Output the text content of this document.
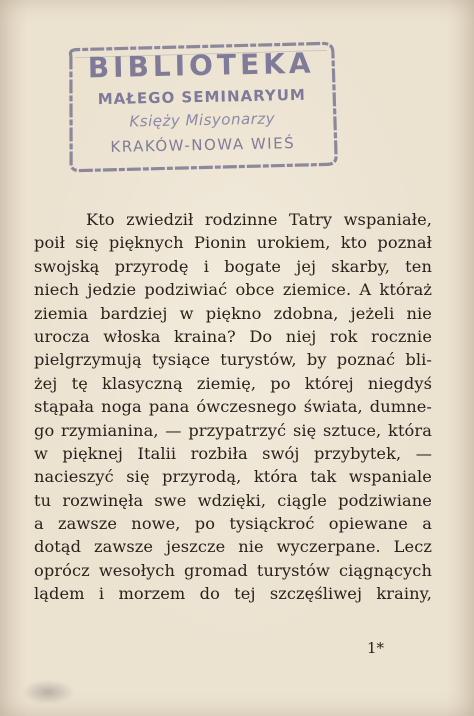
BIBLIOTEKA
MAŁEGO SEMINARYUM
Księży Misyonarzy
KRAKÓW-NOWA WIEŚ
Kto zwiedził rodzinne Tatry wspaniałe,
poił się pięknych Pionin urokiem, kto poznał
swojską przyrodę i bogate jej skarby, ten
niech jedzie podziwiać obce ziemice. A któraż
ziemia bardziej w piękno zdobna, jeżeli nie
urocza włoska kraina? Do niej rok rocznie
pielgrzymują tysiące turystów, by poznać bli-
żej tę klasyczną ziemię, po której niegdyś
stąpała noga pana ówczesnego świata, dumne-
go rzymianina, — przypatrzyć się sztuce, która
w pięknej Italii rozbiła swój przybytek, —
nacieszyć się przyrodą, która tak wspaniale
tu rozwinęła swe wdzięki, ciągle podziwiane
a zawsze nowe, po tysiąckroć opiewane a
dotąd zawsze jeszcze nie wyczerpane. Lecz
oprócz wesołych gromad turystów ciągnących
lądem i morzem do tej szczęśliwej krainy,
1*
